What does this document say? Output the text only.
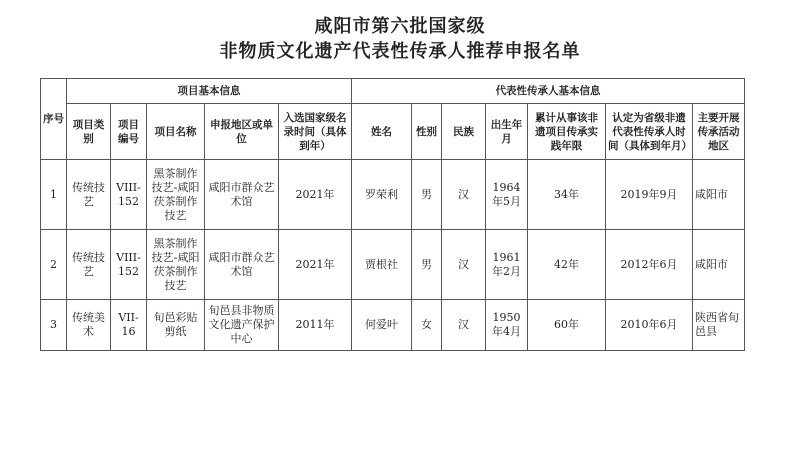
咸阳市第六批国家级
非物质文化遗产代表性传承人推荐申报名单
序号	项目基本信息					代表性传承人基本信息						
	项目类别	项目编号	项目名称	申报地区或单位	入选国家级名录时间（具体到年）	姓名	性别	民族	出生年月	累计从事该非遗项目传承实践年限	认定为省级非遗代表性传承人时间（具体到年月）	主要开展传承活动地区
1	传统技艺	VIII-152	黑茶制作技艺-咸阳茯茶制作技艺	咸阳市群众艺术馆	2021年	罗荣利	男	汉	1964年5月	34年	2019年9月	咸阳市
2	传统技艺	VIII-152	黑茶制作技艺-咸阳茯茶制作技艺	咸阳市群众艺术馆	2021年	贾根社	男	汉	1961年2月	42年	2012年6月	咸阳市
3	传统美术	VII-16	旬邑彩贴剪纸	旬邑县非物质文化遗产保护中心	2011年	何爱叶	女	汉	1950年4月	60年	2010年6月	陕西省旬邑县
